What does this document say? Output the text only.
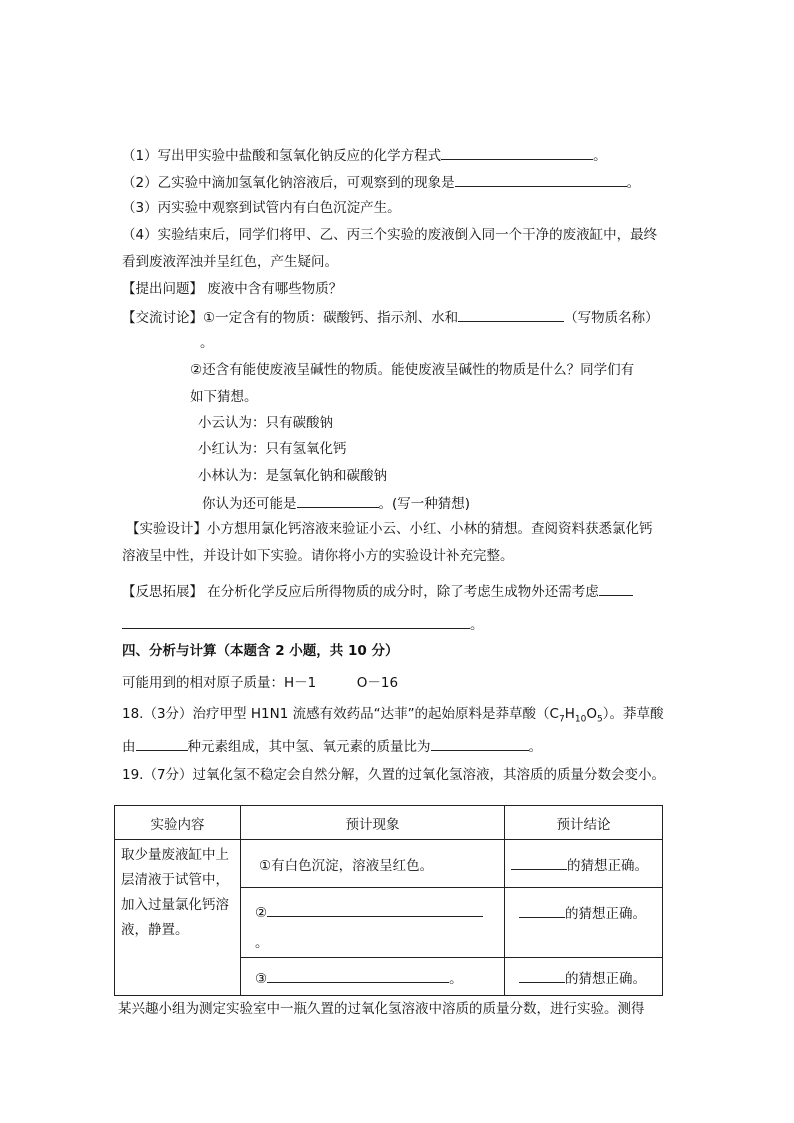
（1）写出甲实验中盐酸和氢氧化钠反应的化学方程式	。
（2）乙实验中滴加氢氧化钠溶液后，可观察到的现象是	。
（3）丙实验中观察到试管内有白色沉淀产生。
（4）实验结束后，同学们将甲、乙、丙三个实验的废液倒入同一个干净的废液缸中，最终
看到废液浑浊并呈红色，产生疑问。
【提出问题】 废液中含有哪些物质？
【交流讨论】①一定含有的物质：碳酸钙、指示剂、水和	（写物质名称）
。
②还含有能使废液呈碱性的物质。能使废液呈碱性的物质是什么？同学们有
如下猜想。
小云认为：只有碳酸钠
小红认为：只有氢氧化钙
小林认为：是氢氧化钠和碳酸钠
你认为还可能是	。(写一种猜想)
【实验设计】小方想用氯化钙溶液来验证小云、小红、小林的猜想。查阅资料获悉氯化钙
溶液呈中性，并设计如下实验。请你将小方的实验设计补充完整。
【反思拓展】 在分析化学反应后所得物质的成分时，除了考虑生成物外还需考虑
。
四、分析与计算（本题含 2 小题，共 10 分）
可能用到的相对原子质量：H－1　　　O－16
18.（3分）治疗甲型 H1N1 流感有效药品“达菲”的起始原料是莽草酸$(C_7H_{10}O_5)$。莽草酸
由	种元素组成，其中氢、氧元素的质量比为	。
19.（7分）过氧化氢不稳定会自然分解，久置的过氧化氢溶液，其溶质的质量分数会变小。
实验内容	预计现象	预计结论

取少量废液缸中上
层清液于试管中，
加入过量氯化钙溶
液，静置。	①有白色沉淀，溶液呈红色。	的猜想正确。

	②
。	的猜想正确。
	③ 。	的猜想正确。
某兴趣小组为测定实验室中一瓶久置的过氧化氢溶液中溶质的质量分数，进行实验。测得
